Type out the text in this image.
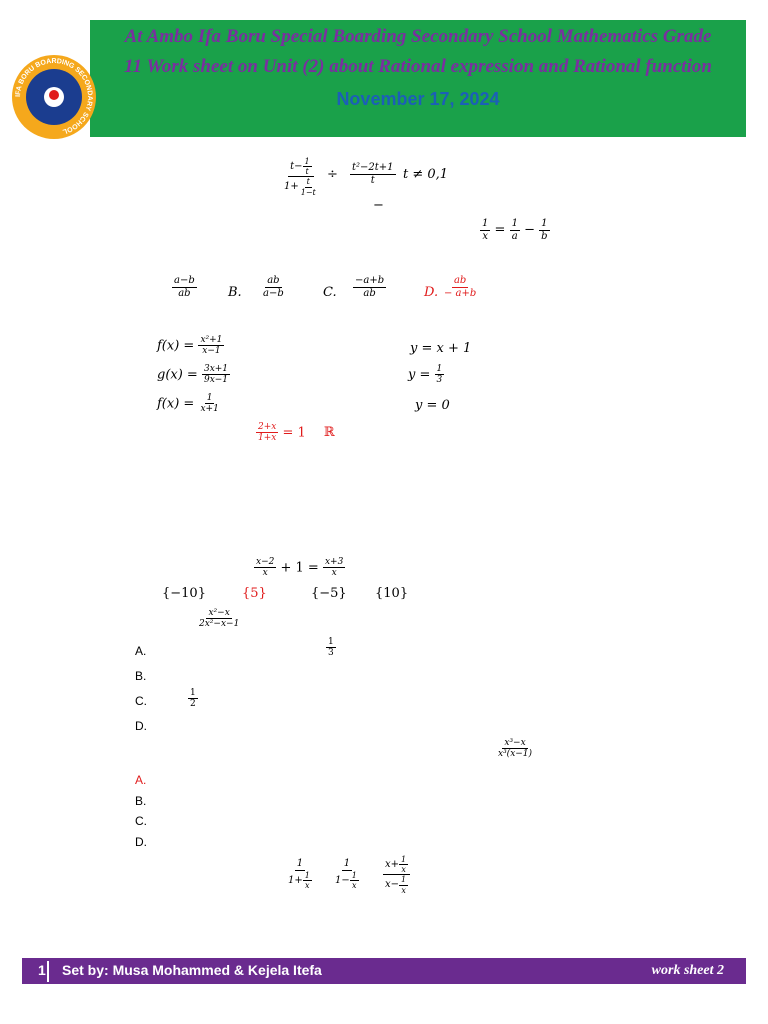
IFA BORU BOARDING SECONDARY SCHOOL
At Ambo Ifa Boru Special Boarding Secondary School Mathematics Grade
11 Work sheet on Unit (2) about Rational expression and Rational function
November 17, 2024
$\frac{t- \frac{1}{t}}{1+ \frac{t}{1-t}} \div \frac{\text{t²−2t+1}}{t}$ t ≠ 0,1
−
$\frac{1}{x} = \frac{1}{a} - \frac{1}{b}$
$\frac{a-b}{ab} B$. $\frac{ab}{a-b}$	C. $\frac{-a+b}{ab}$	D. $\frac{ab}{- a+b}$
$f(x) = \frac{\text{x²+1}}{x-1}$
$g(x) = \frac{3x+1}{9x-1}$
$f(x) = \frac{1}{x+1}$
y = x + 1
$y = \frac{1}{3}$
y = 0
$\frac{2+x}{1+x} = 1$ ℝ
$\frac{x-2}{x} + 1 = \frac{x+3}{x}$
{−10}	{5}	{−5} {10}
$\frac{\text{x²−x}}{\text{2x²−x−1}}$
A.	$\frac{1}{3}$
B.
C.	$\frac{1}{2}$
D.
$\frac{\text{x³−x}}{\text{x³(x−1)}}$
A.
B.
C.
D.
$\frac{1}{1+ \frac{1}{x}} \frac{1}{1- \frac{1}{x}} \frac{x+ \frac{1}{x}}{x- \frac{1}{x}}$
1 Set by: Musa Mohammed & Kejela Itefa	work sheet 2
